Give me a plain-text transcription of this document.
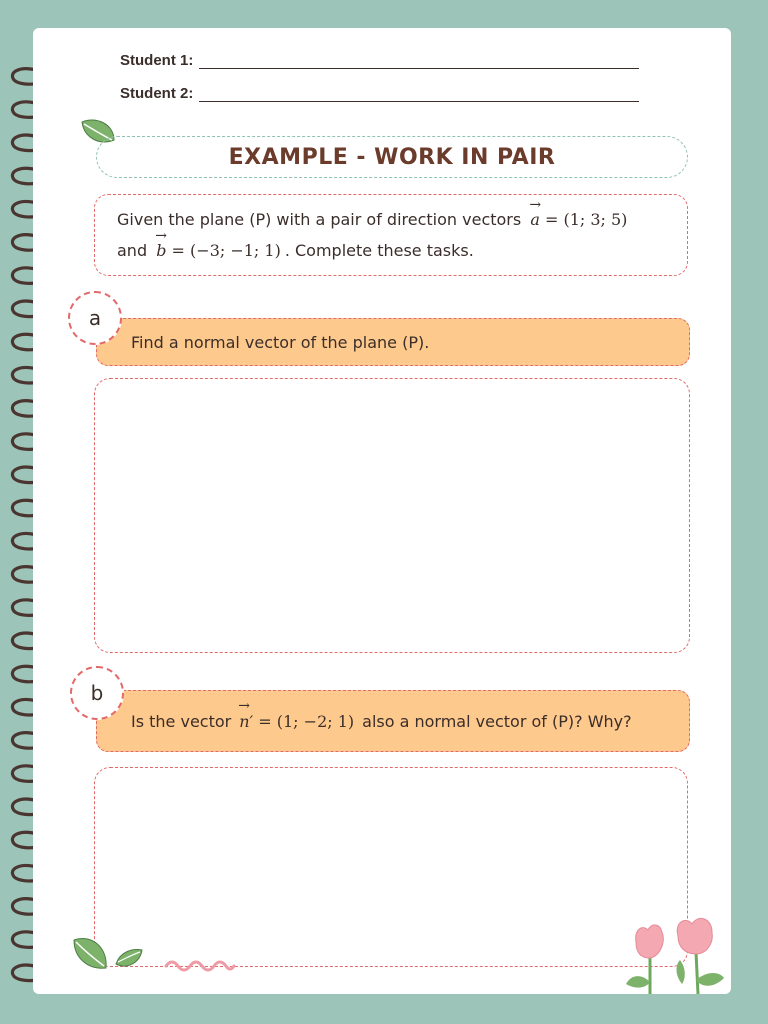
Student 1:
Student 2:
EXAMPLE - WORK IN PAIR
Given the plane (P) with a pair of direction vectors → a = (1; 3; 5)
and → b = (−3; −1; 1) . Complete these tasks.
Find a normal vector of the plane (P).
a
Is the vector → n′ = (1; −2; 1) also a normal vector of (P)? Why?
b
